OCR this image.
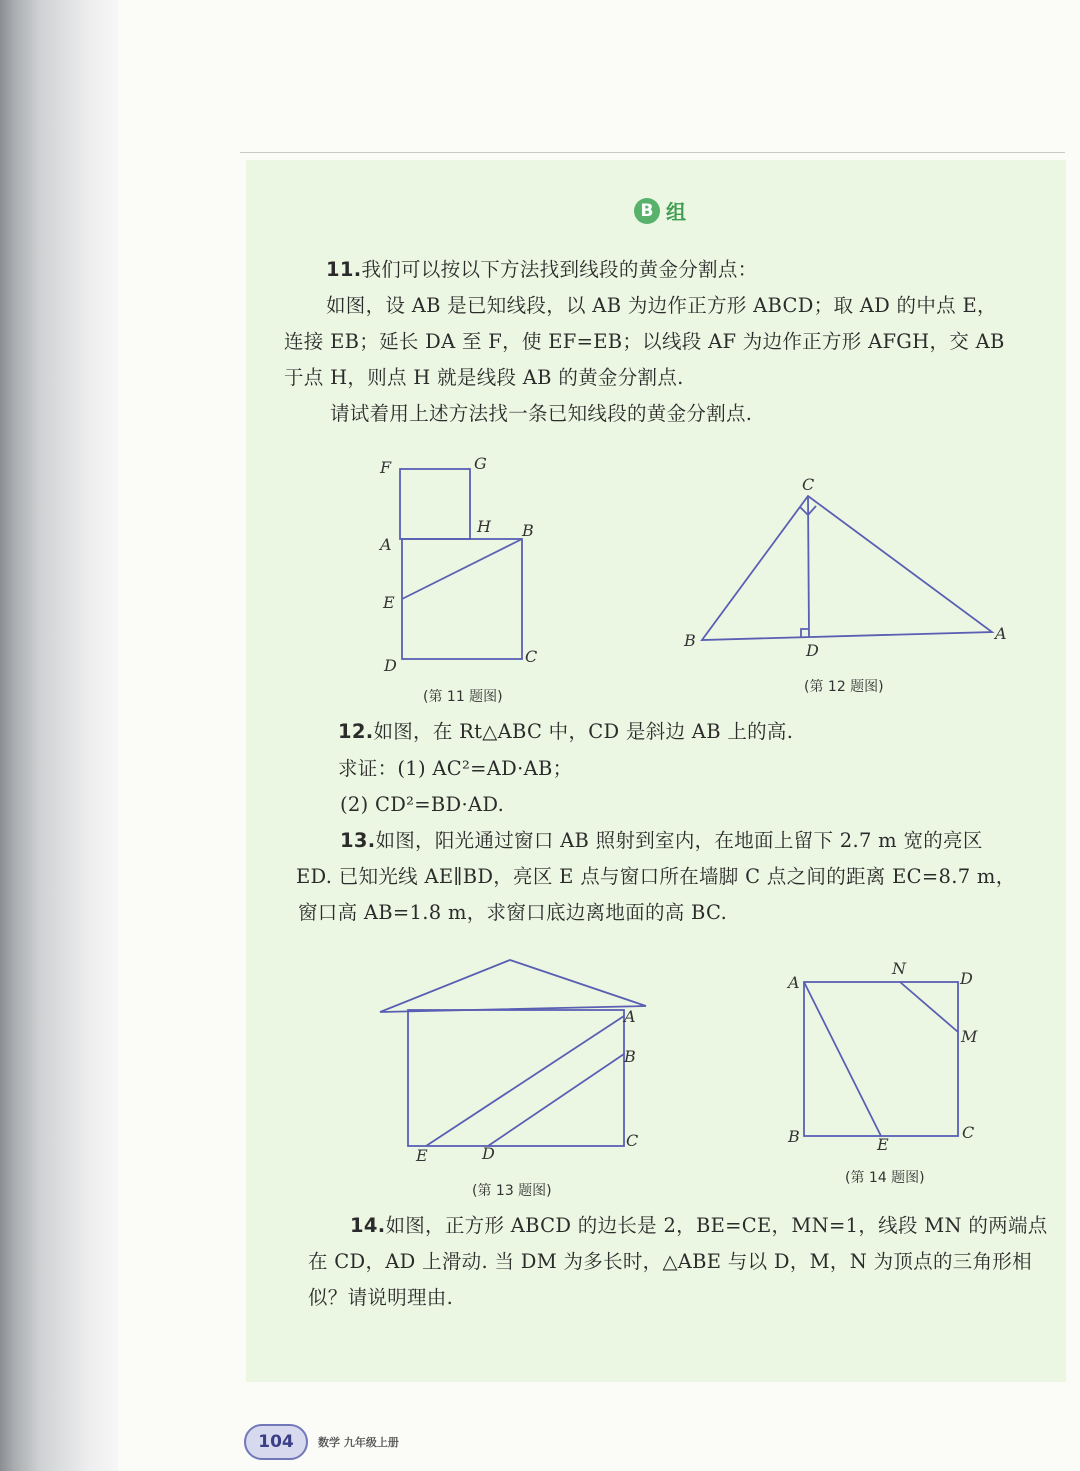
B 组
11.我们可以按以下方法找到线段的黄金分割点：
如图，设 AB 是已知线段，以 AB 为边作正方形 ABCD；取 AD 的中点 E，
连接 EB；延长 DA 至 F，使 EF=EB；以线段 AF 为边作正方形 AFGH，交 AB
于点 H，则点 H 就是线段 AB 的黄金分割点.
请试着用上述方法找一条已知线段的黄金分割点.
F	G
H
A
B
E
D	C
(第 11 题图)
C
B
D
A
(第 12 题图)
12.如图，在 Rt△ABC 中，CD 是斜边 AB 上的高.
求证：(1) AC²=AD·AB；
(2) CD²=BD·AD.
13.如图，阳光通过窗口 AB 照射到室内，在地面上留下 2.7 m 宽的亮区
ED. 已知光线 AE∥BD，亮区 E 点与窗口所在墙脚 C 点之间的距离 EC=8.7 m，
窗口高 AB=1.8 m，求窗口底边离地面的高 BC.
A
B
C
E	D
(第 13 题图)
A
N
D
M
B	E
C
(第 14 题图)
14.如图，正方形 ABCD 的边长是 2，BE=CE，MN=1，线段 MN 的两端点
在 CD，AD 上滑动. 当 DM 为多长时，△ABE 与以 D，M，N 为顶点的三角形相
似？请说明理由.
104	数学 九年级上册
